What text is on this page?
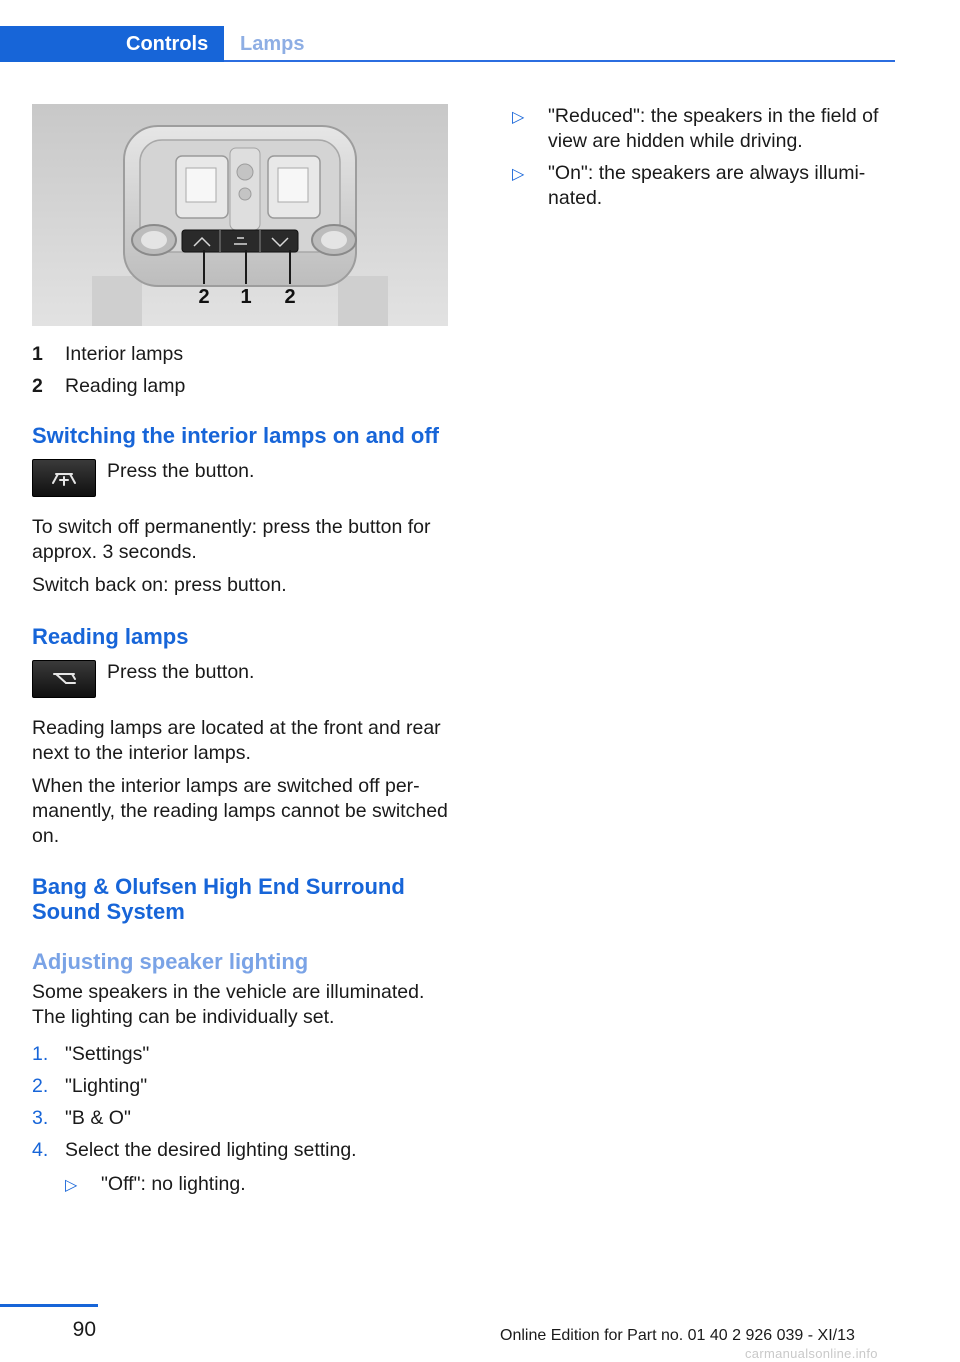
Controls	Lamps
2 1 2
1	Interior lamps
2	Reading lamp
Switching the interior lamps on and off
Press the button.

To switch off permanently: press the button for approx. 3 seconds.

Switch back on: press button.

Reading lamps
Press the button.

Reading lamps are located at the front and rear next to the interior lamps.

When the interior lamps are switched off per-manently, the reading lamps cannot be switched on.

Bang & Olufsen High End Surround Sound System
Adjusting speaker lighting

Some speakers in the vehicle are illuminated. The lighting can be individually set.

1. "Settings"
2. "Lighting"
3. "B & O"
4. Select the desired lighting setting.
▷	"Off": no lighting.
▷	"Reduced": the speakers in the field of view are hidden while driving.
▷	"On": the speakers are always illumi-nated.
90	Online Edition for Part no. 01 40 2 926 039 - XI/13
carmanualsonline.info
